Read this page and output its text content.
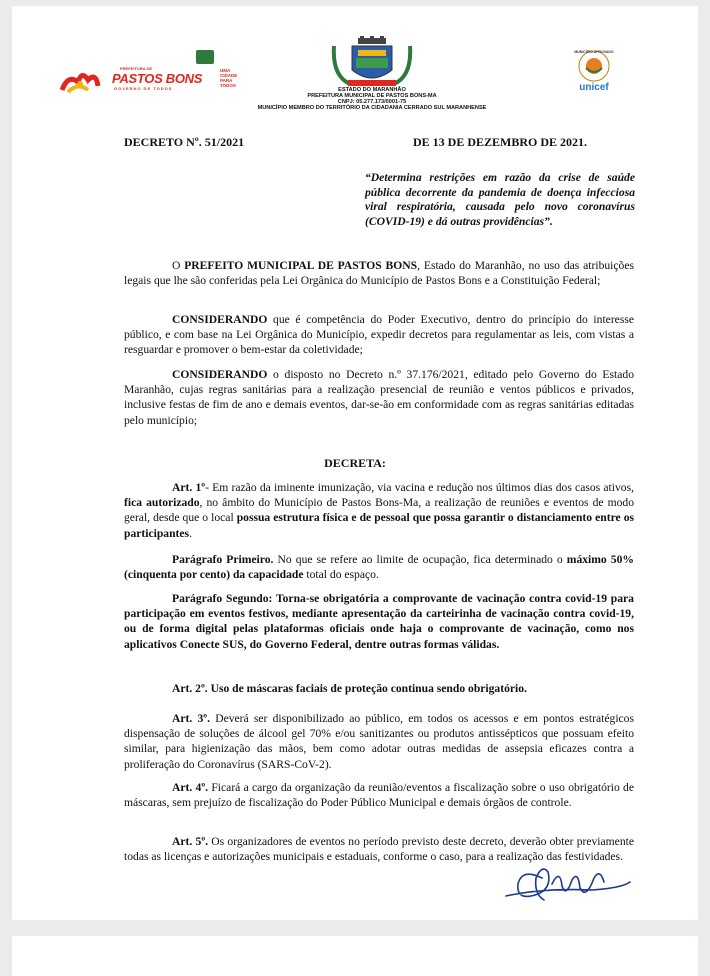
PREFEITURA DE
PASTOS BONS
GOVERNO DE TODOS
UMA
CIDADE
PARA
TODOS
ESTADO DO MARANHÃO
PREFEITURA MUNICIPAL DE PASTOS BONS-MA
CNPJ: 05.277.173/0001-75
MUNICÍPIO MEMBRO DO TERRITÓRIO DA CIDADANIA CERRADO SUL MARANHENSE
MUNICÍPIO APROVADO
unicef
DECRETO Nº. 51/2021	DE 13 DE DEZEMBRO DE 2021.
“Determina restrições em razão da crise de saúde pública decorrente da pandemia de doença infecciosa viral respiratória, causada pelo novo coronavírus (COVID-19) e dá outras providências”.
O PREFEITO MUNICIPAL DE PASTOS BONS, Estado do Maranhão, no uso das atribuições legais que lhe são conferidas pela Lei Orgânica do Município de Pastos Bons e a Constituição Federal;
CONSIDERANDO que é competência do Poder Executivo, dentro do princípio do interesse público, e com base na Lei Orgânica do Município, expedir decretos para regulamentar as leis, com vistas a resguardar e promover o bem-estar da coletividade;
CONSIDERANDO o disposto no Decreto n.º 37.176/2021, editado pelo Governo do Estado Maranhão, cujas regras sanitárias para a realização presencial de reunião e ventos públicos e privados, inclusive festas de fim de ano e demais eventos, dar-se-ão em conformidade com as regras sanitárias editadas pelo município;
DECRETA:
Art. 1º- Em razão da iminente imunização, via vacina e redução nos últimos dias dos casos ativos, fica autorizado, no âmbito do Município de Pastos Bons-Ma, a realização de reuniões e eventos de modo geral, desde que o local possua estrutura física e de pessoal que possa garantir o distanciamento entre os participantes.
Parágrafo Primeiro. No que se refere ao limite de ocupação, fica determinado o máximo 50% (cinquenta por cento) da capacidade total do espaço.
Parágrafo Segundo: Torna-se obrigatória a comprovante de vacinação contra covid-19 para participação em eventos festivos, mediante apresentação da carteirinha de vacinação contra covid-19, ou de forma digital pelas plataformas oficiais onde haja o comprovante de vacinação, como nos aplicativos Conecte SUS, do Governo Federal, dentre outras formas válidas.
Art. 2º. Uso de máscaras faciais de proteção continua sendo obrigatório.
Art. 3º. Deverá ser disponibilizado ao público, em todos os acessos e em pontos estratégicos dispensação de soluções de álcool gel 70% e/ou sanitizantes ou produtos antissépticos que possuam efeito similar, para higienização das mãos, bem como adotar outras medidas de assepsia eficazes contra a proliferação do Coronavírus (SARS-CoV-2).
Art. 4º. Ficará a cargo da organização da reunião/eventos a fiscalização sobre o uso obrigatório de máscaras, sem prejuízo de fiscalização do Poder Público Municipal e demais órgãos de controle.
Art. 5º. Os organizadores de eventos no período previsto deste decreto, deverão obter previamente todas as licenças e autorizações municipais e estaduais, conforme o caso, para a realização das festividades.
